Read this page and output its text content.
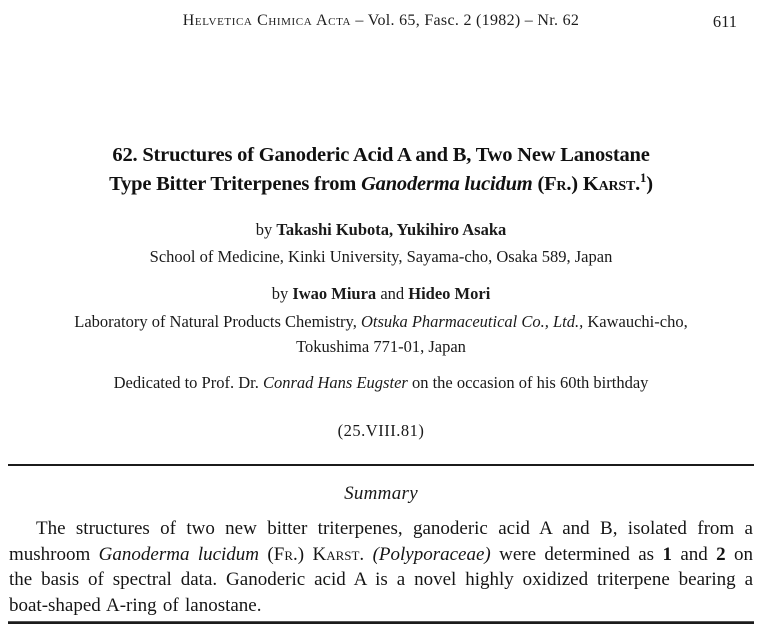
Helvetica Chimica Acta – Vol. 65, Fasc. 2 (1982) – Nr. 62	611
62. Structures of Ganoderic Acid A and B, Two New Lanostane
Type Bitter Triterpenes from Ganoderma lucidum (Fr.) Karst.$^1$)
by Takashi Kubota, Yukihiro Asaka
School of Medicine, Kinki University, Sayama-cho, Osaka 589, Japan
by Iwao Miura and Hideo Mori
Laboratory of Natural Products Chemistry, Otsuka Pharmaceutical Co., Ltd., Kawauchi-cho,
Tokushima 771-01, Japan
Dedicated to Prof. Dr. Conrad Hans Eugster on the occasion of his 60th birthday
(25.VIII.81)
Summary

The structures of two new bitter triterpenes, ganoderic acid A and B, isolated from a mushroom Ganoderma lucidum (Fr.) Karst. (Polyporaceae) were determined as 1 and 2 on the basis of spectral data. Ganoderic acid A is a novel highly oxidized triterpene bearing a boat-shaped A-ring of lanostane.
